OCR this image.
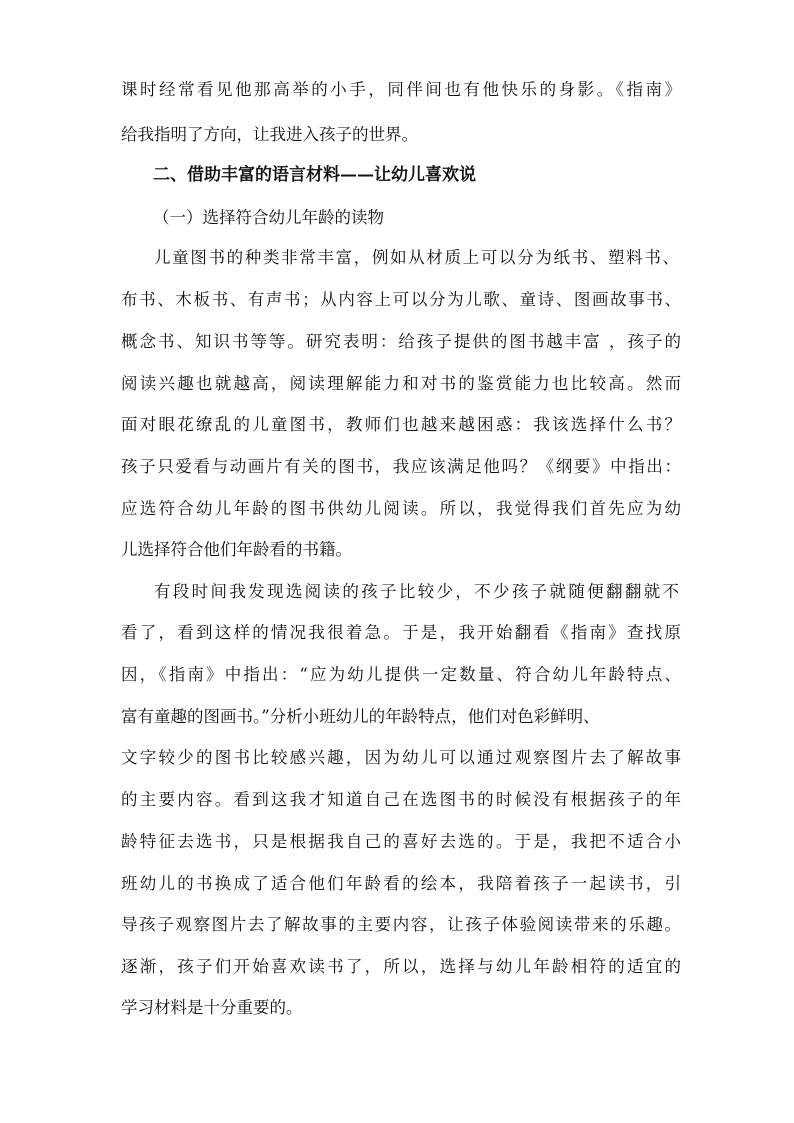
课时经常看见他那高举的小手，同伴间也有他快乐的身影。《指南》
给我指明了方向，让我进入孩子的世界。
二、借助丰富的语言材料——让幼儿喜欢说
（一）选择符合幼儿年龄的读物
儿童图书的种类非常丰富，例如从材质上可以分为纸书、塑料书、
布书、木板书、有声书；从内容上可以分为儿歌、童诗、图画故事书、
概念书、知识书等等。研究表明：给孩子提供的图书越丰富 ，孩子的
阅读兴趣也就越高，阅读理解能力和对书的鉴赏能力也比较高。然而
面对眼花缭乱的儿童图书，教师们也越来越困惑：我该选择什么书？
孩子只爱看与动画片有关的图书，我应该满足他吗？《纲要》中指出：
应选符合幼儿年龄的图书供幼儿阅读。所以，我觉得我们首先应为幼
儿选择符合他们年龄看的书籍。
有段时间我发现选阅读的孩子比较少，不少孩子就随便翻翻就不
看了，看到这样的情况我很着急。于是，我开始翻看《指南》查找原
因，《指南》中指出：“应为幼儿提供一定数量、符合幼儿年龄特点、
富有童趣的图画书。”分析小班幼儿的年龄特点，他们对色彩鲜明、
文字较少的图书比较感兴趣，因为幼儿可以通过观察图片去了解故事
的主要内容。看到这我才知道自己在选图书的时候没有根据孩子的年
龄特征去选书，只是根据我自己的喜好去选的。于是，我把不适合小
班幼儿的书换成了适合他们年龄看的绘本，我陪着孩子一起读书，引
导孩子观察图片去了解故事的主要内容，让孩子体验阅读带来的乐趣。
逐渐，孩子们开始喜欢读书了，所以，选择与幼儿年龄相符的适宜的
学习材料是十分重要的。
